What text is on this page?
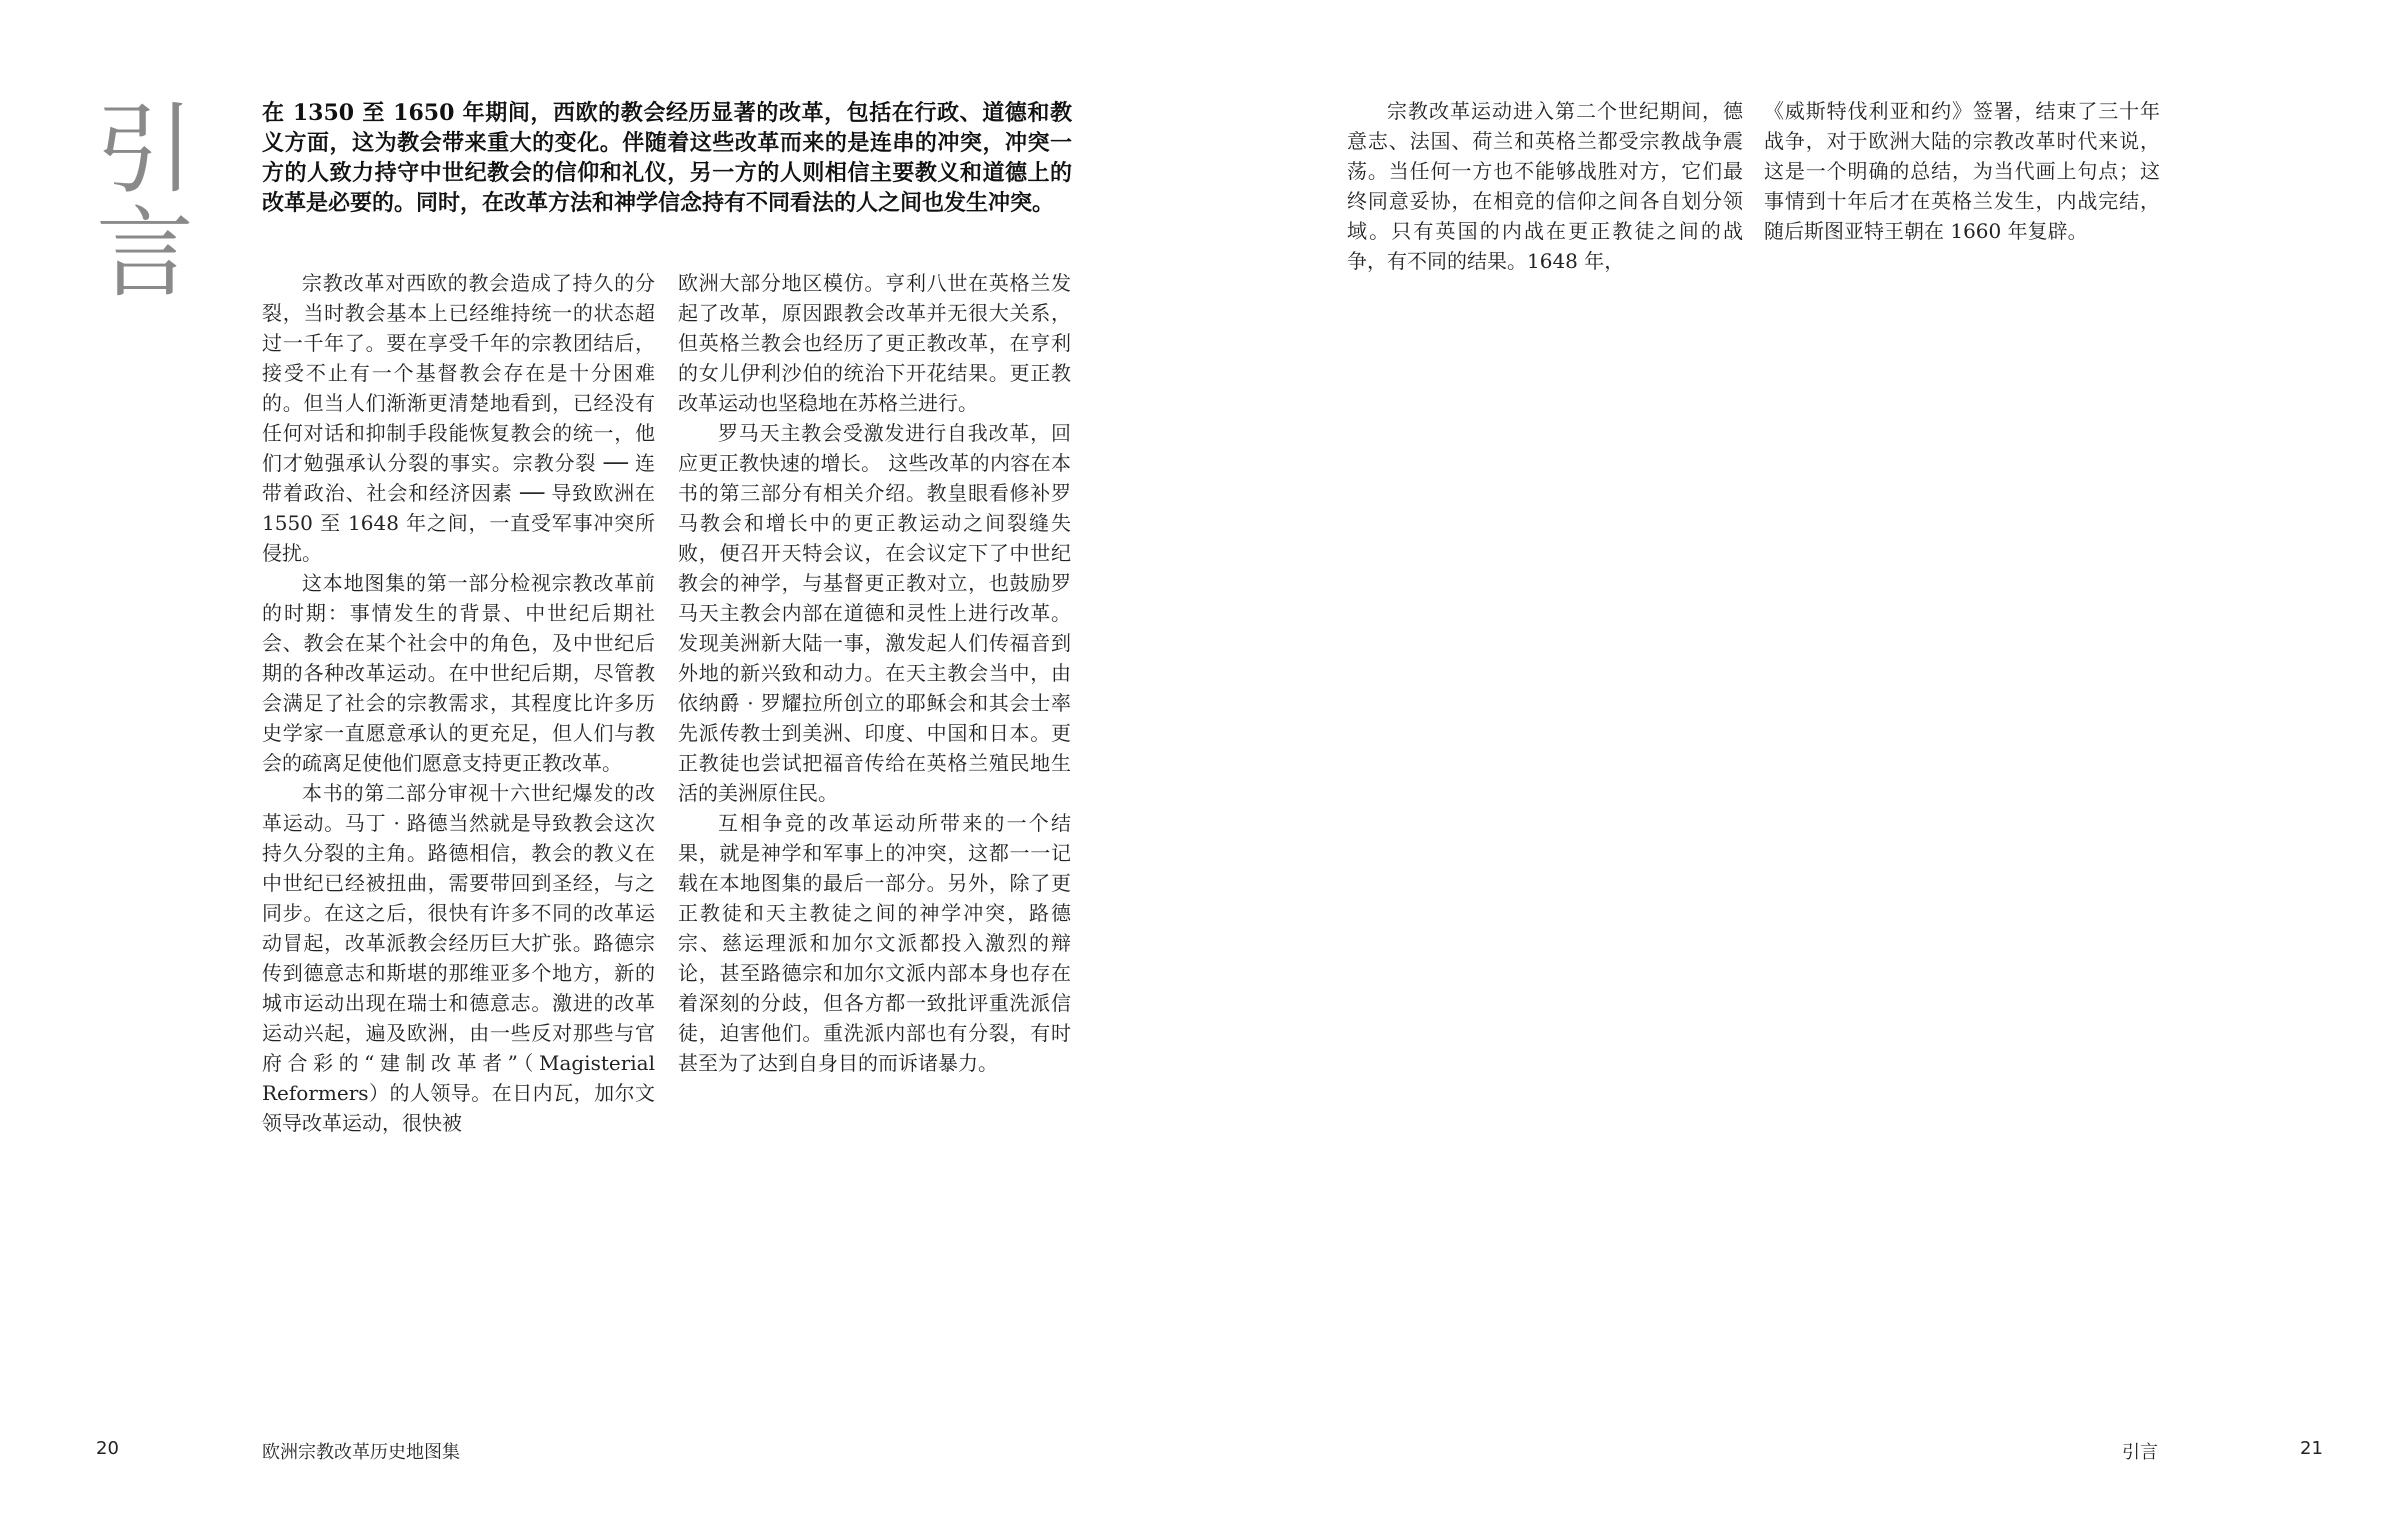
引
言

在 1350 至 1650 年期间，西欧的教会经历显著的改革，包括在行政、道德和教义方面，这为教会带来重大的变化。伴随着这些改革而来的是连串的冲突，冲突一方的人致力持守中世纪教会的信仰和礼仪，另一方的人则相信主要教义和道德上的改革是必要的。同时，在改革方法和神学信念持有不同看法的人之间也发生冲突。

宗教改革对西欧的教会造成了持久的分裂，当时教会基本上已经维持统一的状态超过一千年了。要在享受千年的宗教团结后，接受不止有一个基督教会存在是十分困难的。但当人们渐渐更清楚地看到，已经没有任何对话和抑制手段能恢复教会的统一，他们才勉强承认分裂的事实。宗教分裂 ── 连带着政治、社会和经济因素 ── 导致欧洲在 1550 至 1648 年之间，一直受军事冲突所侵扰。

这本地图集的第一部分检视宗教改革前的时期：事情发生的背景、中世纪后期社会、教会在某个社会中的角色，及中世纪后期的各种改革运动。在中世纪后期，尽管教会满足了社会的宗教需求，其程度比许多历史学家一直愿意承认的更充足，但人们与教会的疏离足使他们愿意支持更正教改革。

本书的第二部分审视十六世纪爆发的改革运动。马丁 · 路德当然就是导致教会这次持久分裂的主角。路德相信，教会的教义在中世纪已经被扭曲，需要带回到圣经，与之同步。在这之后，很快有许多不同的改革运动冒起，改革派教会经历巨大扩张。路德宗传到德意志和斯堪的那维亚多个地方，新的城市运动出现在瑞士和德意志。激进的改革运动兴起，遍及欧洲，由一些反对那些与官府合彩的“建制改革者”（Magisterial Reformers）的人领导。在日内瓦，加尔文领导改革运动，很快被

欧洲大部分地区模仿。亨利八世在英格兰发起了改革，原因跟教会改革并无很大关系，但英格兰教会也经历了更正教改革，在亨利的女儿伊利沙伯的统治下开花结果。更正教改革运动也坚稳地在苏格兰进行。

罗马天主教会受激发进行自我改革，回应更正教快速的增长。 这些改革的内容在本书的第三部分有相关介绍。教皇眼看修补罗马教会和增长中的更正教运动之间裂缝失败，便召开天特会议，在会议定下了中世纪教会的神学，与基督更正教对立，也鼓励罗马天主教会内部在道德和灵性上进行改革。发现美洲新大陆一事，激发起人们传福音到外地的新兴致和动力。在天主教会当中，由依纳爵 · 罗耀拉所创立的耶稣会和其会士率先派传教士到美洲、印度、中国和日本。更正教徒也尝试把福音传给在英格兰殖民地生活的美洲原住民。

互相争竞的改革运动所带来的一个结果，就是神学和军事上的冲突，这都一一记载在本地图集的最后一部分。另外，除了更正教徒和天主教徒之间的神学冲突，路德宗、慈运理派和加尔文派都投入激烈的辩论，甚至路德宗和加尔文派内部本身也存在着深刻的分歧，但各方都一致批评重洗派信徒，迫害他们。重洗派内部也有分裂，有时甚至为了达到自身目的而诉诸暴力。

宗教改革运动进入第二个世纪期间，德意志、法国、荷兰和英格兰都受宗教战争震荡。当任何一方也不能够战胜对方，它们最终同意妥协，在相竞的信仰之间各自划分领域。只有英国的内战在更正教徒之间的战争，有不同的结果。1648 年，

《威斯特伐利亚和约》签署，结束了三十年战争，对于欧洲大陆的宗教改革时代来说，这是一个明确的总结，为当代画上句点；这事情到十年后才在英格兰发生，内战完结，随后斯图亚特王朝在 1660 年复辟。

20	欧洲宗教改革历史地图集	引言	21
